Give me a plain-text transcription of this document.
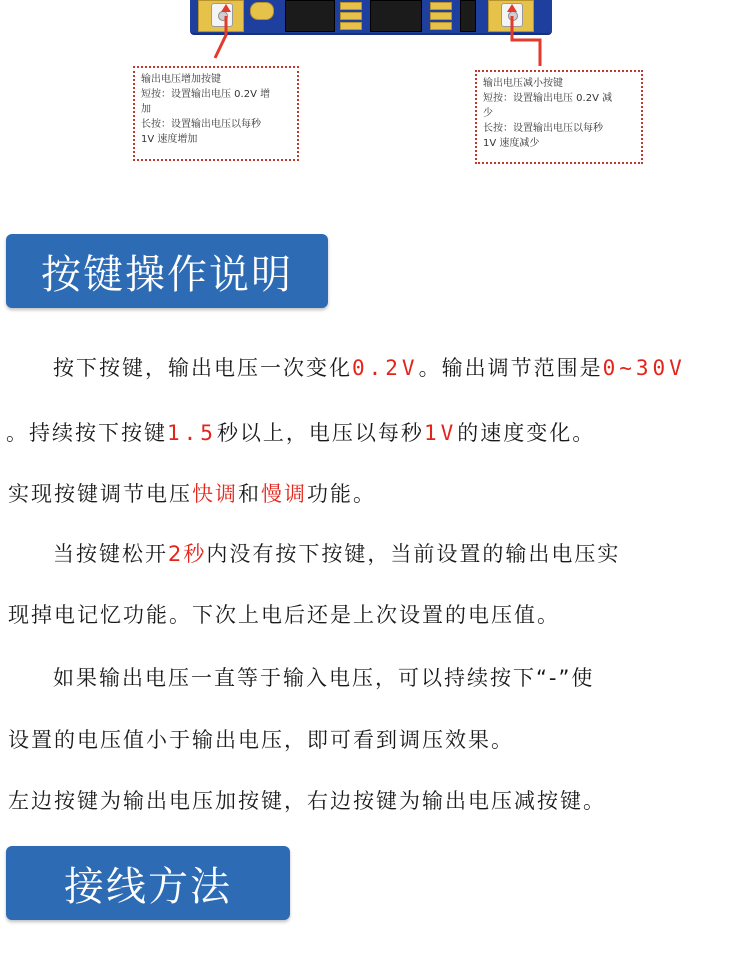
输出电压增加按键
短按：设置输出电压 0.2V 增
加
长按：设置输出电压以每秒
1V 速度增加
输出电压减小按键
短按：设置输出电压 0.2V 减
少
长按：设置输出电压以每秒
1V 速度减少
按键操作说明
按下按键，输出电压一次变化0.2V。输出调节范围是0~30V
。持续按下按键1.5秒以上，电压以每秒1V的速度变化。
实现按键调节电压快调和慢调功能。
当按键松开2秒内没有按下按键，当前设置的输出电压实
现掉电记忆功能。下次上电后还是上次设置的电压值。
如果输出电压一直等于输入电压，可以持续按下“-”使
设置的电压值小于输出电压，即可看到调压效果。
左边按键为输出电压加按键，右边按键为输出电压减按键。
接线方法
